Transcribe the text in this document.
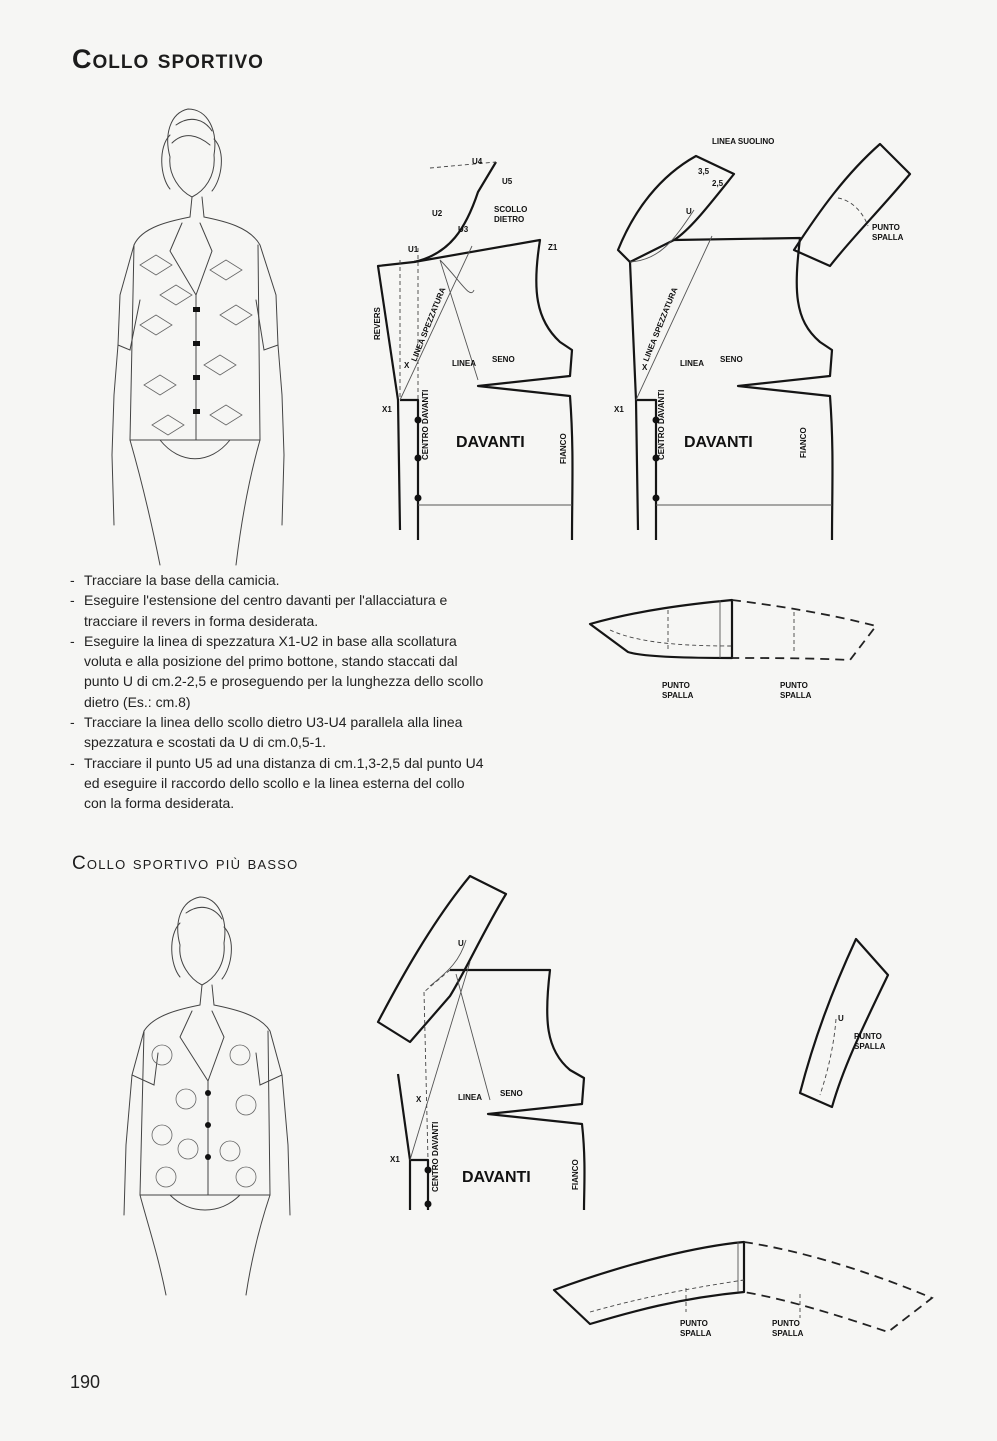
Collo sportivo
U4
U5
U2
U3
U1	Z1
SCOLLO
DIETRO
LINEA SENO
X
X1
DAVANTI
REVERS	LINEA SPEZZATURA
CENTRO DAVANTI	FIANCO
LINEA SUOLINO
3,5
2,5
U
LINEA SENO
X
X1
DAVANTI
LINEA SPEZZATURA
CENTRO DAVANTI	FIANCO
PUNTO
SPALLA
PUNTO
SPALLA
PUNTO
SPALLA
- Tracciare la base della camicia.
- Eseguire l'estensione del centro davanti per l'allacciatura e tracciare il revers in forma desiderata.
- Eseguire la linea di spezzatura X1-U2 in base alla scollatura voluta e alla posizione del primo bottone, stando staccati dal punto U di cm.2-2,5 e proseguendo per la lunghezza dello scollo dietro (Es.: cm.8)
- Tracciare la linea dello scollo dietro U3-U4 parallela alla linea spezzatura e scostati da U di cm.0,5-1.
- Tracciare il punto U5 ad una distanza di cm.1,3-2,5 dal punto U4 ed eseguire il raccordo dello scollo e la linea esterna del collo con la forma desiderata.
Collo sportivo più basso
U
LINEA SENO
X
X1
DAVANTI
CENTRO DAVANTI	FIANCO
U
PUNTO
SPALLA
PUNTO
SPALLA
PUNTO
SPALLA
190
